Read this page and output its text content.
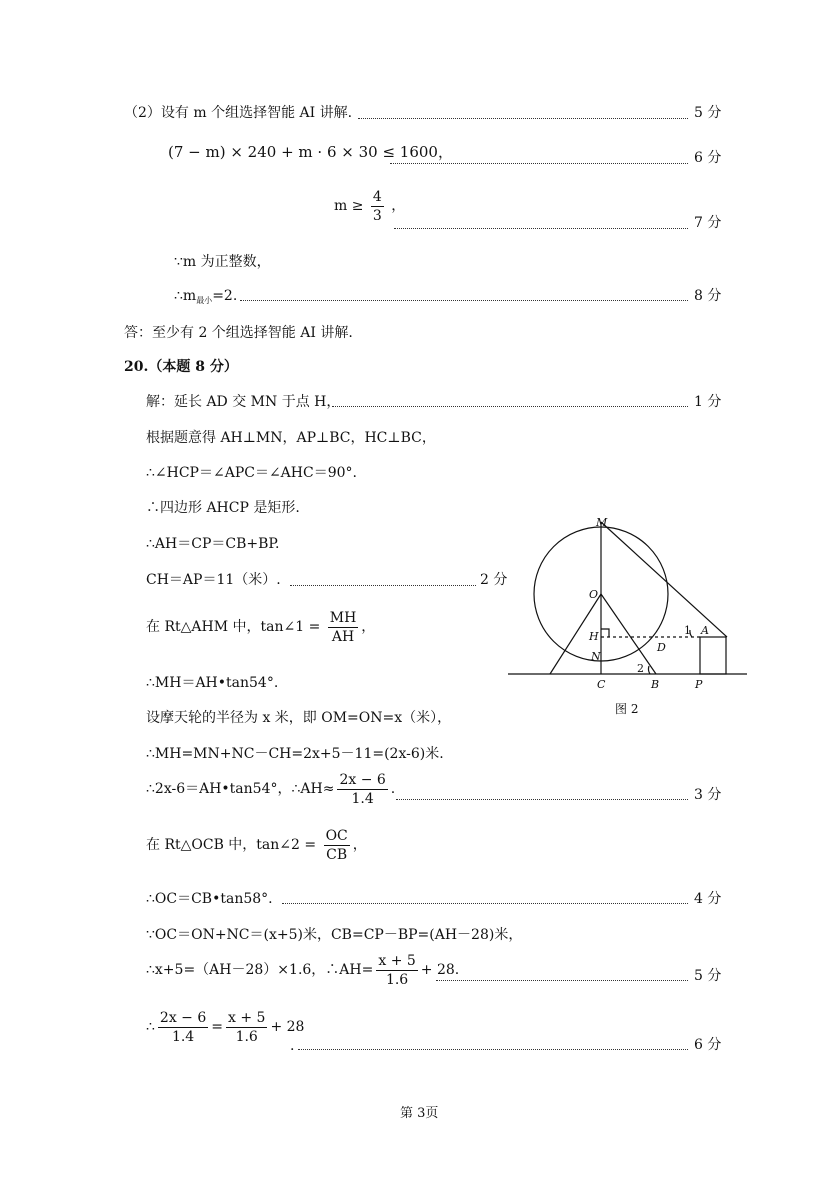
（2）设有 m 个组选择智能 AI 讲解.	5 分
(7 − m) × 240 + m · 6 × 30 ≤ 1600，	6 分
$m \ge \frac{4}{3}$ ，
7 分
∵m 为正整数，
$\therefore m_{最小}=2$.	8 分
答：至少有 2 个组选择智能 AI 讲解.
20.（本题 8 分）
解：延长 AD 交 MN 于点 H，	1 分
根据题意得 AH⊥MN，AP⊥BC，HC⊥BC，
∴∠HCP＝∠APC＝∠AHC＝90°.
∴四边形 AHCP 是矩形.
∴AH＝CP＝CB+BP.
CH＝AP＝11（米）.	2 分
在 Rt△AHM 中，tan∠1 = $\frac{MH}{AH}$ ，
∴MH＝AH•tan54°.
设摩天轮的半径为 x 米，即 OM=ON=x（米），
∴MH=MN+NC－CH=2x+5－11=(2x-6)米.
∴2x-6＝AH•tan54°，∴AH≈ $\frac{2x - 6}{1.4}$ .	3 分
在 Rt△OCB 中，tan∠2 = $\frac{OC}{CB}$ ，
∴OC＝CB•tan58°.	4 分
∵OC＝ON+NC＝(x+5)米，CB=CP－BP=(AH－28)米，
∴x+5=（AH－28）×1.6，∴AH= $\frac{x + 5}{1.6} + 28$.	5 分
∴ $\frac{2x - 6}{1.4} = \frac{x + 5}{1.6} + 28$
.	6 分
M
O
H
N
C	B	P
A
D
1
2
图 2
第 3页
